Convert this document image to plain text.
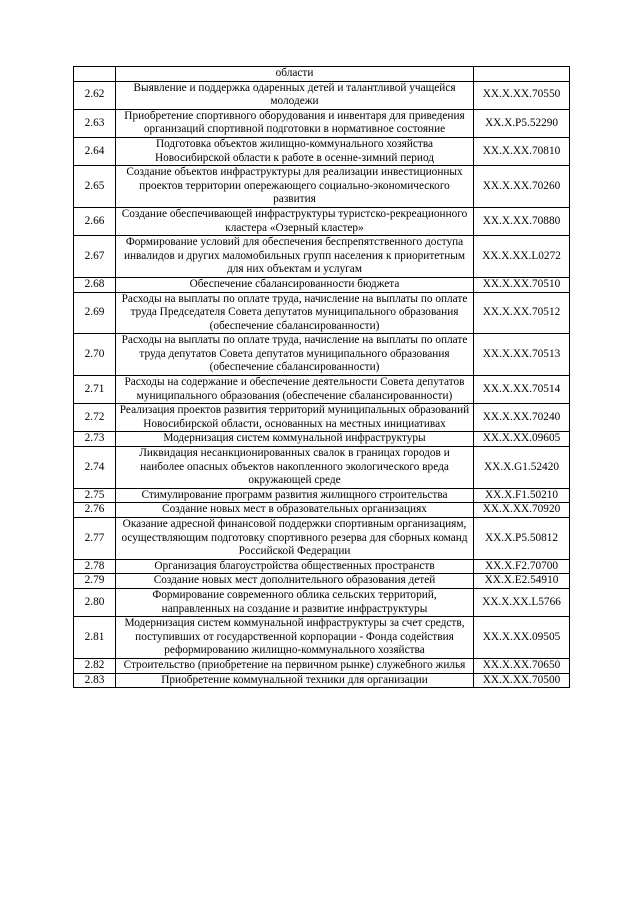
	области	
2.62	Выявление и поддержка одаренных детей и талантливой учащейся молодежи	XX.X.XX.70550
2.63	Приобретение спортивного оборудования и инвентаря для приведения организаций спортивной подготовки в нормативное состояние	XX.X.P5.52290
2.64	Подготовка объектов жилищно-коммунального хозяйства Новосибирской области к работе в осенне-зимний период	XX.X.XX.70810
2.65	Создание объектов инфраструктуры для реализации инвестиционных проектов территории опережающего социально-экономического развития	XX.X.XX.70260
2.66	Создание обеспечивающей инфраструктуры туристско-рекреационного кластера «Озерный кластер»	XX.X.XX.70880
2.67	Формирование условий для обеспечения беспрепятственного доступа инвалидов и других маломобильных групп населения к приоритетным для них объектам и услугам	XX.X.XX.L0272
2.68	Обеспечение сбалансированности бюджета	XX.X.XX.70510
2.69	Расходы на выплаты по оплате труда, начисление на выплаты по оплате труда Председателя Совета депутатов муниципального образования (обеспечение сбалансированности)	XX.X.XX.70512
2.70	Расходы на выплаты по оплате труда, начисление на выплаты по оплате труда депутатов Совета депутатов муниципального образования (обеспечение сбалансированности)	XX.X.XX.70513
2.71	Расходы на содержание и обеспечение деятельности Совета депутатов муниципального образования (обеспечение сбалансированности)	XX.X.XX.70514
2.72	Реализация проектов развития территорий муниципальных образований Новосибирской области, основанных на местных инициативах	XX.X.XX.70240
2.73	Модернизация систем коммунальной инфраструктуры	XX.X.XX.09605
2.74	Ликвидация несанкционированных свалок в границах городов и наиболее опасных объектов накопленного экологического вреда окружающей среде	XX.X.G1.52420
2.75	Стимулирование программ развития жилищного строительства	XX.X.F1.50210
2.76	Создание новых мест в образовательных организациях	XX.X.XX.70920
2.77	Оказание адресной финансовой поддержки спортивным организациям, осуществляющим подготовку спортивного резерва для сборных команд Российской Федерации	XX.X.P5.50812
2.78	Организация благоустройства общественных пространств	XX.X.F2.70700
2.79	Создание новых мест дополнительного образования детей	XX.X.E2.54910
2.80	Формирование современного облика сельских территорий, направленных на создание и развитие инфраструктуры	XX.X.XX.L5766
2.81	Модернизация систем коммунальной инфраструктуры за счет средств, поступивших от государственной корпорации - Фонда содействия реформированию жилищно-коммунального хозяйства	XX.X.XX.09505
2.82	Строительство (приобретение на первичном рынке) служебного жилья	XX.X.XX.70650
2.83	Приобретение коммунальной техники для организации	XX.X.XX.70500
